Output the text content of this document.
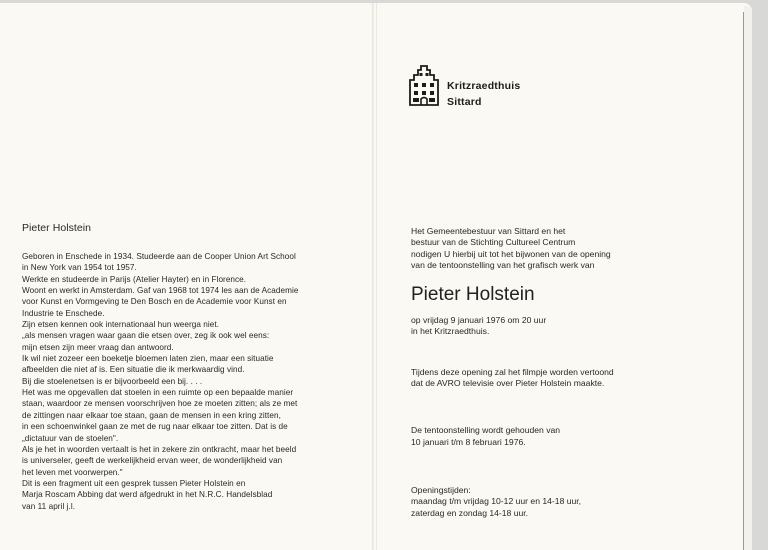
Pieter Holstein
Geboren in Enschede in 1934. Studeerde aan de Cooper Union Art School
in New York van 1954 tot 1957.
Werkte en studeerde in Parijs (Atelier Hayter) en in Florence.
Woont en werkt in Amsterdam. Gaf van 1968 tot 1974 les aan de Academie
voor Kunst en Vormgeving te Den Bosch en de Academie voor Kunst en
Industrie te Enschede.
Zijn etsen kennen ook internationaal hun weerga niet.
„als mensen vragen waar gaan die etsen over, zeg ik ook wel eens:
mijn etsen zijn meer vraag dan antwoord.
Ik wil niet zozeer een boeketje bloemen laten zien, maar een situatie
afbeelden die niet af is. Een situatie die ik merkwaardig vind.
Bij die stoelenetsen is er bijvoorbeeld een bij. . . .
Het was me opgevallen dat stoelen in een ruimte op een bepaalde manier
staan, waardoor ze mensen voorschrijven hoe ze moeten zitten; als ze met
de zittingen naar elkaar toe staan, gaan de mensen in een kring zitten,
in een schoenwinkel gaan ze met de rug naar elkaar toe zitten. Dat is de
„dictatuur van de stoelen".
Als je het in woorden vertaalt is het in zekere zin ontkracht, maar het beeld
is universeler, geeft de werkelijkheid ervan weer, de wonderlijkheid van
het leven met voorwerpen."
Dit is een fragment uit een gesprek tussen Pieter Holstein en
Marja Roscam Abbing dat werd afgedrukt in het N.R.C. Handelsblad
van 11 april j.l.
Kritzraedthuis
Sittard
Het Gemeentebestuur van Sittard en het
bestuur van de Stichting Cultureel Centrum
nodigen U hierbij uit tot het bijwonen van de opening
van de tentoonstelling van het grafisch werk van
Pieter Holstein
op vrijdag 9 januari 1976 om 20 uur
in het Kritzraedthuis.
Tijdens deze opening zal het filmpje worden vertoond
dat de AVRO televisie over Pieter Holstein maakte.
De tentoonstelling wordt gehouden van
10 januari t/m 8 februari 1976.
Openingstijden:
maandag t/m vrijdag 10-12 uur en 14-18 uur,
zaterdag en zondag 14-18 uur.
